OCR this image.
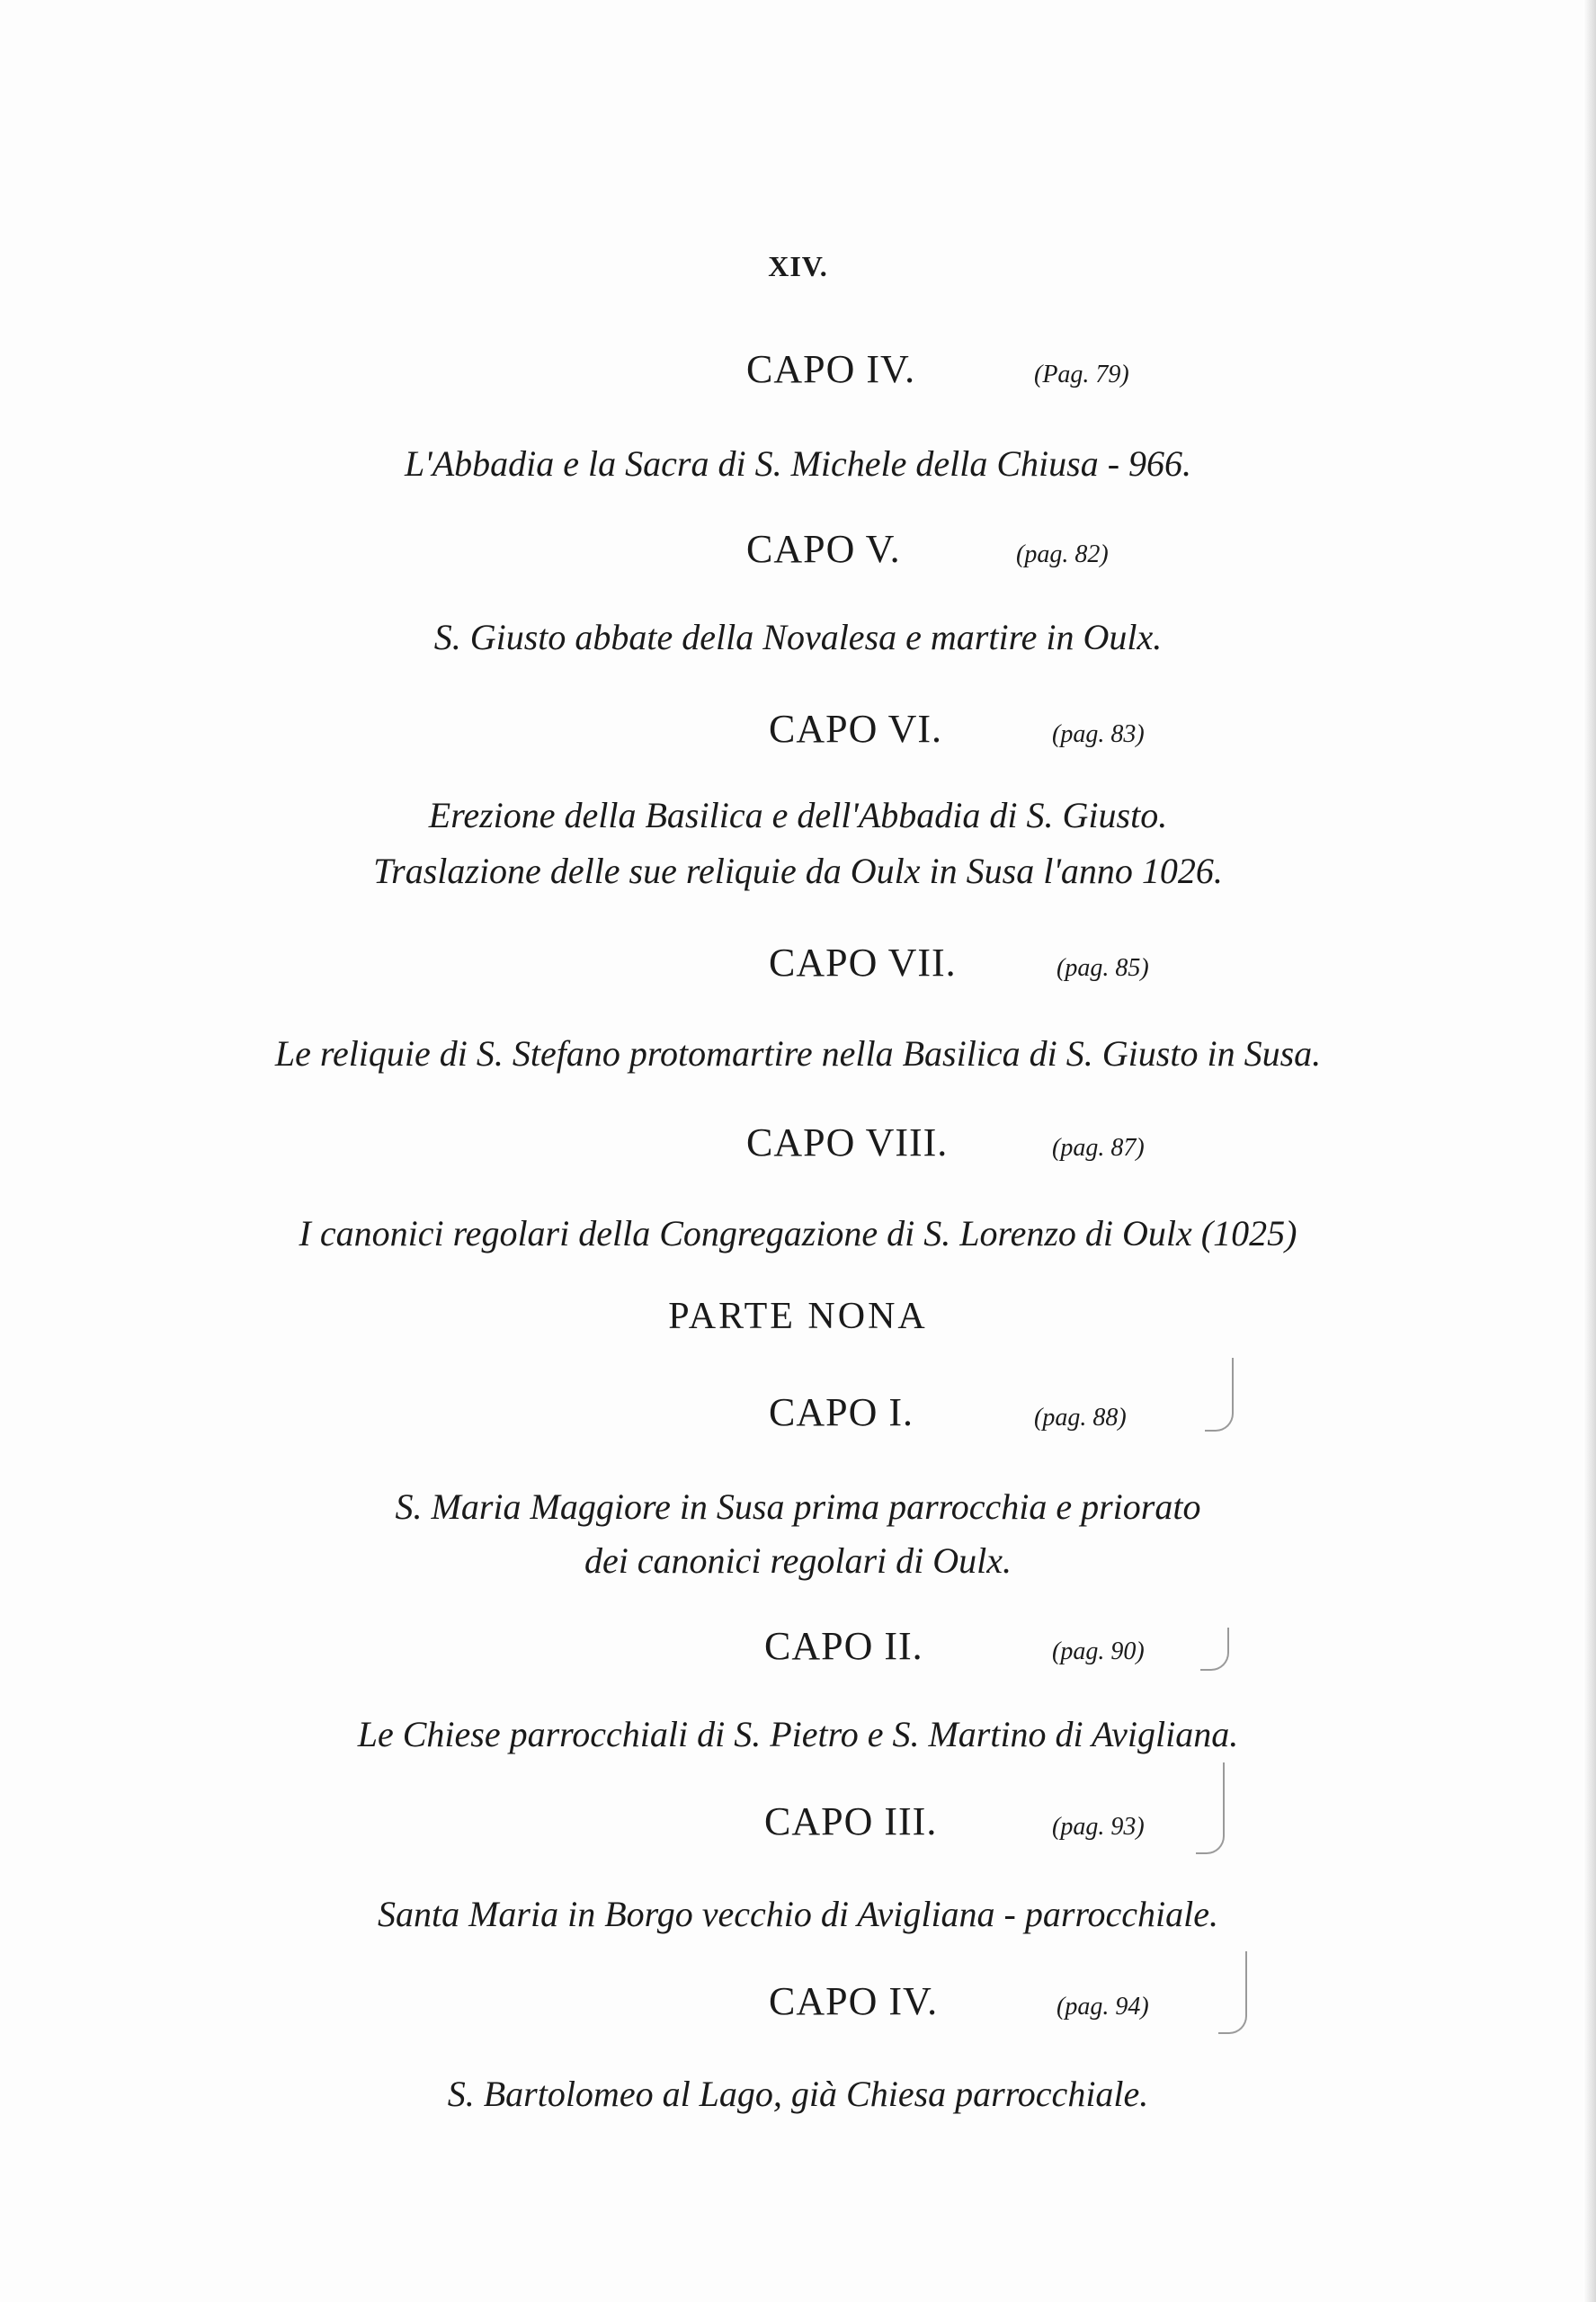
XIV.
CAPO IV.	(Pag. 79)
L'Abbadia e la Sacra di S. Michele della Chiusa - 966.
CAPO V.	(pag. 82)
S. Giusto abbate della Novalesa e martire in Oulx.
CAPO VI.	(pag. 83)
Erezione della Basilica e dell'Abbadia di S. Giusto.
Traslazione delle sue reliquie da Oulx in Susa l'anno 1026.
CAPO VII.	(pag. 85)
Le reliquie di S. Stefano protomartire nella Basilica di S. Giusto in Susa.
CAPO VIII.	(pag. 87)
I canonici regolari della Congregazione di S. Lorenzo di Oulx (1025)
PARTE NONA
CAPO I.	(pag. 88)
S. Maria Maggiore in Susa prima parrocchia e priorato
dei canonici regolari di Oulx.
CAPO II.	(pag. 90)
Le Chiese parrocchiali di S. Pietro e S. Martino di Avigliana.
CAPO III.	(pag. 93)
Santa Maria in Borgo vecchio di Avigliana - parrocchiale.
CAPO IV.	(pag. 94)
S. Bartolomeo al Lago, già Chiesa parrocchiale.
